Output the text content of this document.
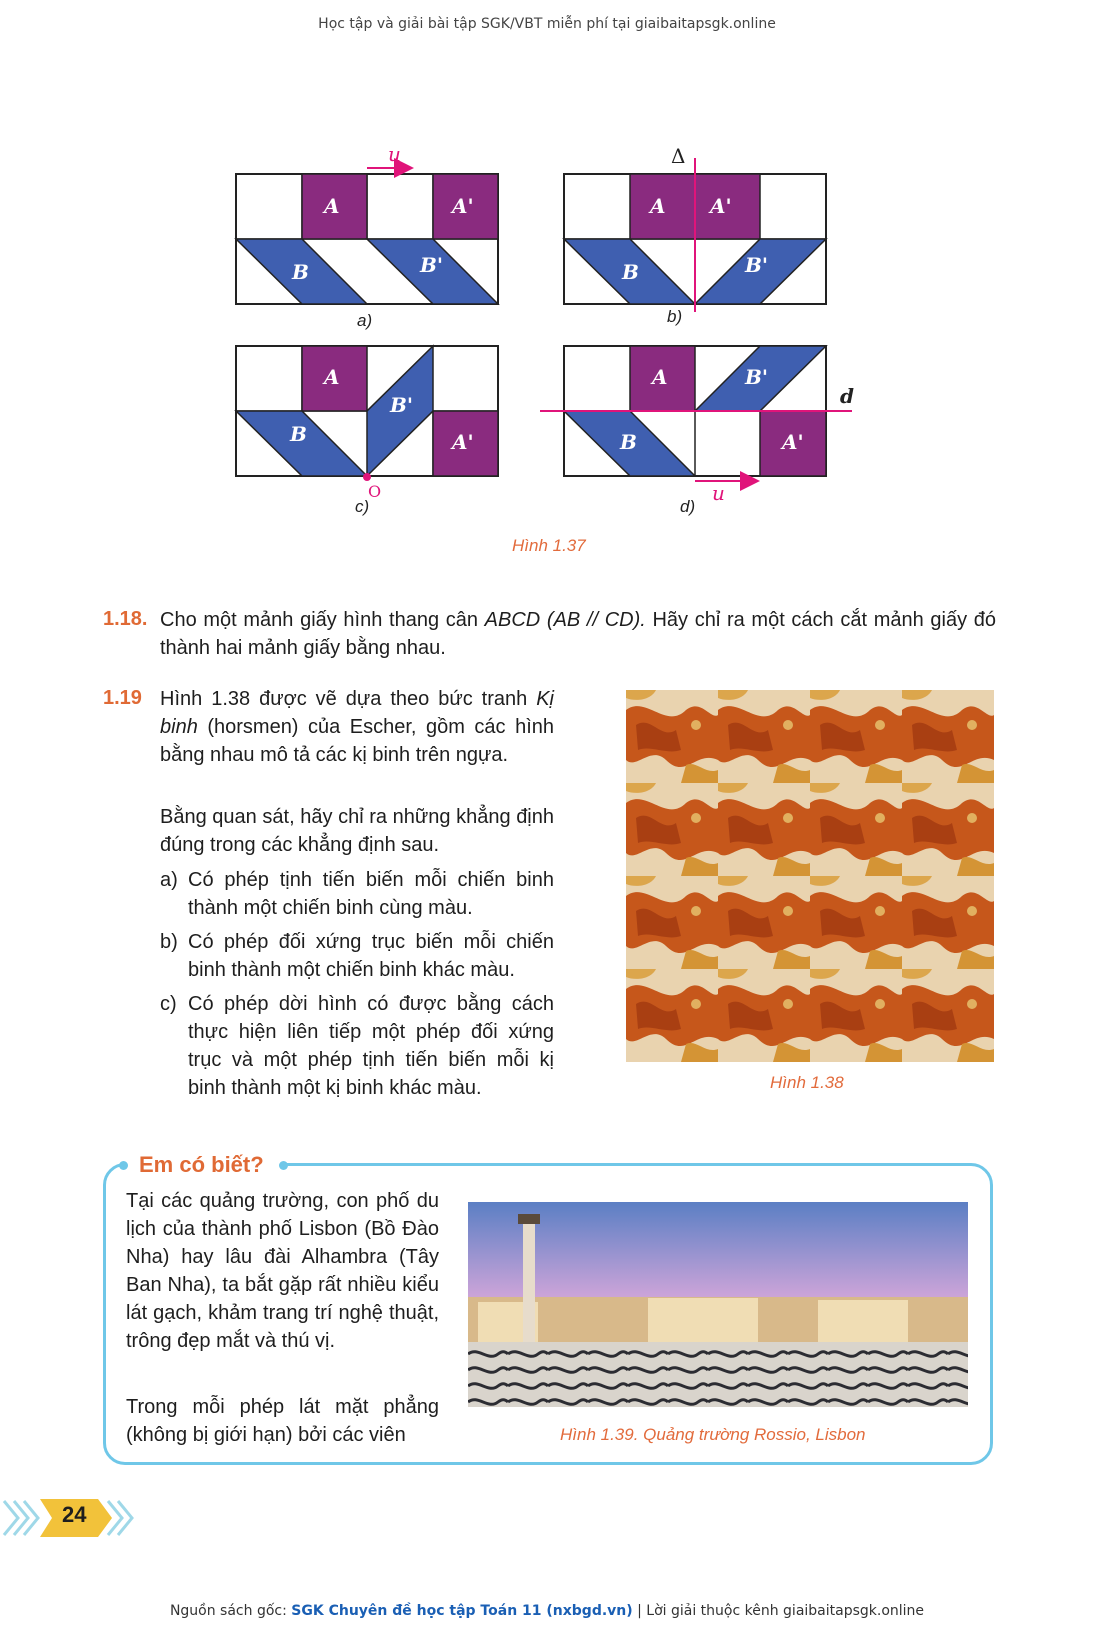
Học tập và giải bài tập SGK/VBT miễn phí tại giaibaitapsgk.online
A	A'
B	B'
A A'
B	B'
A
A'
B
B'
A
A'
B
B'
u	Δ
d
u
O
a)	b)
c)	d)
Hình 1.37
1.18. Cho một mảnh giấy hình thang cân ABCD (AB // CD). Hãy chỉ ra một cách cắt mảnh giấy đó thành hai mảnh giấy bằng nhau.
1.19 Hình 1.38 được vẽ dựa theo bức tranh Kị binh (horsmen) của Escher, gồm các hình bằng nhau mô tả các kị binh trên ngựa.
Bằng quan sát, hãy chỉ ra những khẳng định đúng trong các khẳng định sau.
a) Có phép tịnh tiến biến mỗi chiến binh thành một chiến binh cùng màu.
b) Có phép đối xứng trục biến mỗi chiến binh thành một chiến binh khác màu.
c) Có phép dời hình có được bằng cách thực hiện liên tiếp một phép đối xứng trục và một phép tịnh tiến biến mỗi kị binh thành một kị binh khác màu.	Hình 1.38
Em có biết?
Tại các quảng trường, con phố du lịch của thành phố Lisbon (Bồ Đào Nha) hay lâu đài Alhambra (Tây Ban Nha), ta bắt gặp rất nhiều kiểu lát gạch, khảm trang trí nghệ thuật, trông đẹp mắt và thú vị.
Trong mỗi phép lát mặt phẳng (không bị giới hạn) bởi các viên	Hình 1.39. Quảng trường Rossio, Lisbon
24
Nguồn sách gốc: SGK Chuyên đề học tập Toán 11 (nxbgd.vn) | Lời giải thuộc kênh giaibaitapsgk.online
